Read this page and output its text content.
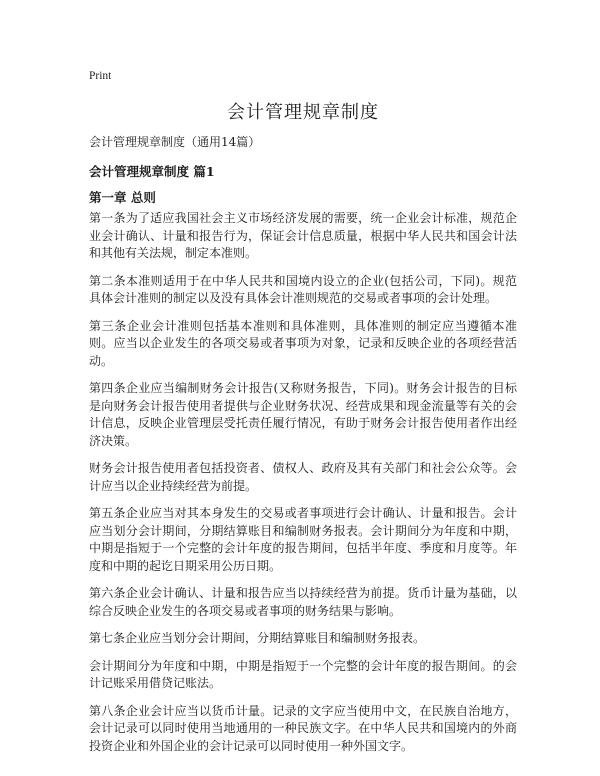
Print
会计管理规章制度
会计管理规章制度（通用14篇）
会计管理规章制度 篇1
第一章 总则

第一条为了适应我国社会主义市场经济发展的需要，统一企业会计标准，规范企业会计确认、计量和报告行为，保证会计信息质量，根据中华人民共和国会计法和其他有关法规，制定本准则。

第二条本准则适用于在中华人民共和国境内设立的企业(包括公司，下同)。规范具体会计准则的制定以及没有具体会计准则规范的交易或者事项的会计处理。

第三条企业会计准则包括基本准则和具体准则，具体准则的制定应当遵循本准则。应当以企业发生的各项交易或者事项为对象，记录和反映企业的各项经营活动。

第四条企业应当编制财务会计报告(又称财务报告，下同)。财务会计报告的目标是向财务会计报告使用者提供与企业财务状况、经营成果和现金流量等有关的会计信息，反映企业管理层受托责任履行情况，有助于财务会计报告使用者作出经济决策。

财务会计报告使用者包括投资者、债权人、政府及其有关部门和社会公众等。会计应当以企业持续经营为前提。

第五条企业应当对其本身发生的交易或者事项进行会计确认、计量和报告。会计应当划分会计期间，分期结算账目和编制财务报表。会计期间分为年度和中期，中期是指短于一个完整的会计年度的报告期间，包括半年度、季度和月度等。年度和中期的起讫日期采用公历日期。

第六条企业会计确认、计量和报告应当以持续经营为前提。货币计量为基础，以综合反映企业发生的各项交易或者事项的财务结果与影响。

第七条企业应当划分会计期间，分期结算账目和编制财务报表。

会计期间分为年度和中期，中期是指短于一个完整的会计年度的报告期间。的会计记账采用借贷记账法。

第八条企业会计应当以货币计量。记录的文字应当使用中文，在民族自治地方，会计记录可以同时使用当地通用的一种民族文字。在中华人民共和国境内的外商投资企业和外国企业的会计记录可以同时使用一种外国文字。
